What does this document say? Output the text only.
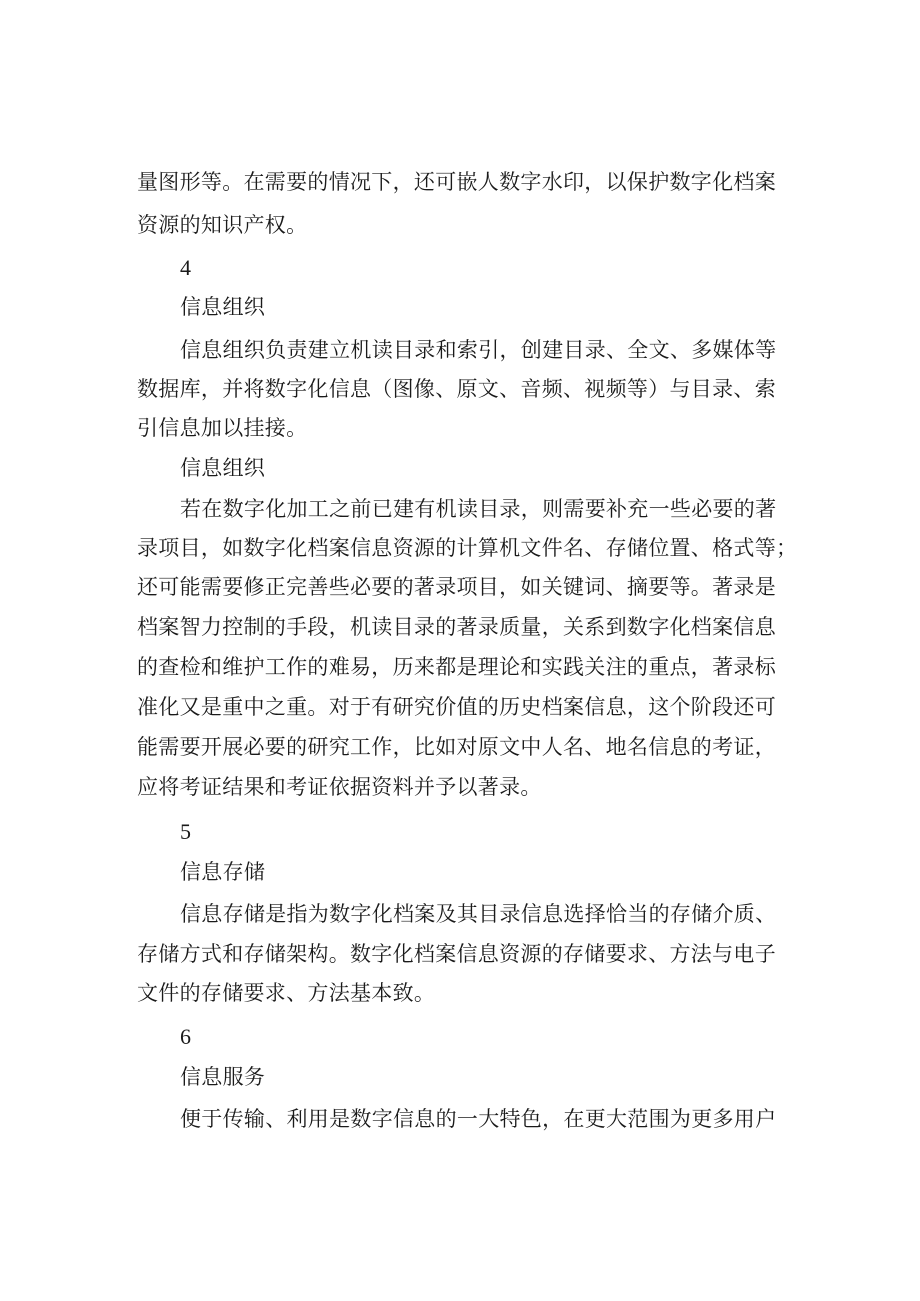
量图形等。在需要的情况下，还可嵌人数字水印，以保护数字化档案
资源的知识产权。
4
信息组织
信息组织负责建立机读目录和索引，创建目录、全文、多媒体等
数据库，并将数字化信息（图像、原文、音频、视频等）与目录、索
引信息加以挂接。
信息组织
若在数字化加工之前已建有机读目录，则需要补充一些必要的著
录项目，如数字化档案信息资源的计算机文件名、存储位置、格式等；
还可能需要修正完善些必要的著录项目，如关键词、摘要等。著录是
档案智力控制的手段，机读目录的著录质量，关系到数字化档案信息
的查检和维护工作的难易，历来都是理论和实践关注的重点，著录标
准化又是重中之重。对于有研究价值的历史档案信息，这个阶段还可
能需要开展必要的研究工作，比如对原文中人名、地名信息的考证，
应将考证结果和考证依据资料并予以著录。
5
信息存储
信息存储是指为数字化档案及其目录信息选择恰当的存储介质、
存储方式和存储架构。数字化档案信息资源的存储要求、方法与电子
文件的存储要求、方法基本致。
6
信息服务
便于传输、利用是数字信息的一大特色，在更大范围为更多用户
